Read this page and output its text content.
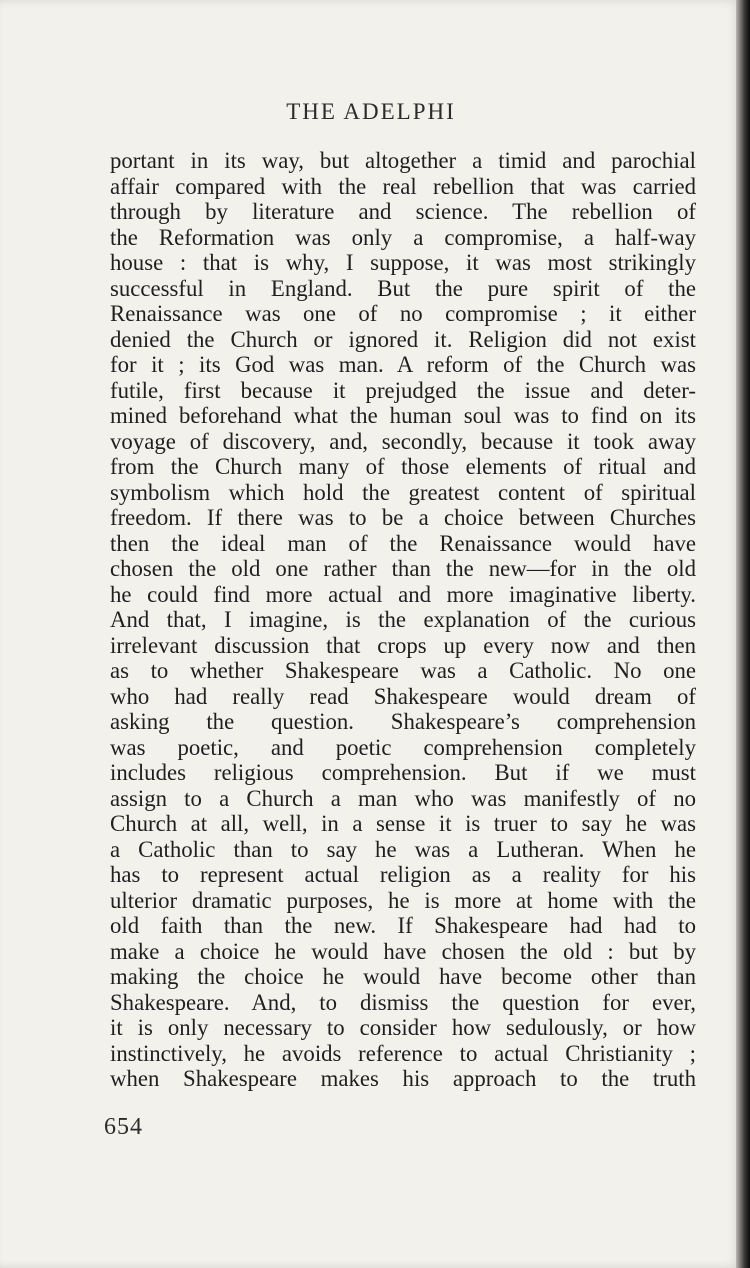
THE ADELPHI
portant in its way, but altogether a timid and parochial
affair compared with the real rebellion that was carried
through by literature and science. The rebellion of
the Reformation was only a compromise, a half-way
house : that is why, I suppose, it was most strikingly
successful in England. But the pure spirit of the
Renaissance was one of no compromise ; it either
denied the Church or ignored it. Religion did not exist
for it ; its God was man. A reform of the Church was
futile, first because it prejudged the issue and deter-
mined beforehand what the human soul was to find on its
voyage of discovery, and, secondly, because it took away
from the Church many of those elements of ritual and
symbolism which hold the greatest content of spiritual
freedom. If there was to be a choice between Churches
then the ideal man of the Renaissance would have
chosen the old one rather than the new—for in the old
he could find more actual and more imaginative liberty.
And that, I imagine, is the explanation of the curious
irrelevant discussion that crops up every now and then
as to whether Shakespeare was a Catholic. No one
who had really read Shakespeare would dream of
asking the question. Shakespeare’s comprehension
was poetic, and poetic comprehension completely
includes religious comprehension. But if we must
assign to a Church a man who was manifestly of no
Church at all, well, in a sense it is truer to say he was
a Catholic than to say he was a Lutheran. When he
has to represent actual religion as a reality for his
ulterior dramatic purposes, he is more at home with the
old faith than the new. If Shakespeare had had to
make a choice he would have chosen the old : but by
making the choice he would have become other than
Shakespeare. And, to dismiss the question for ever,
it is only necessary to consider how sedulously, or how
instinctively, he avoids reference to actual Christianity ;
when Shakespeare makes his approach to the truth
654
